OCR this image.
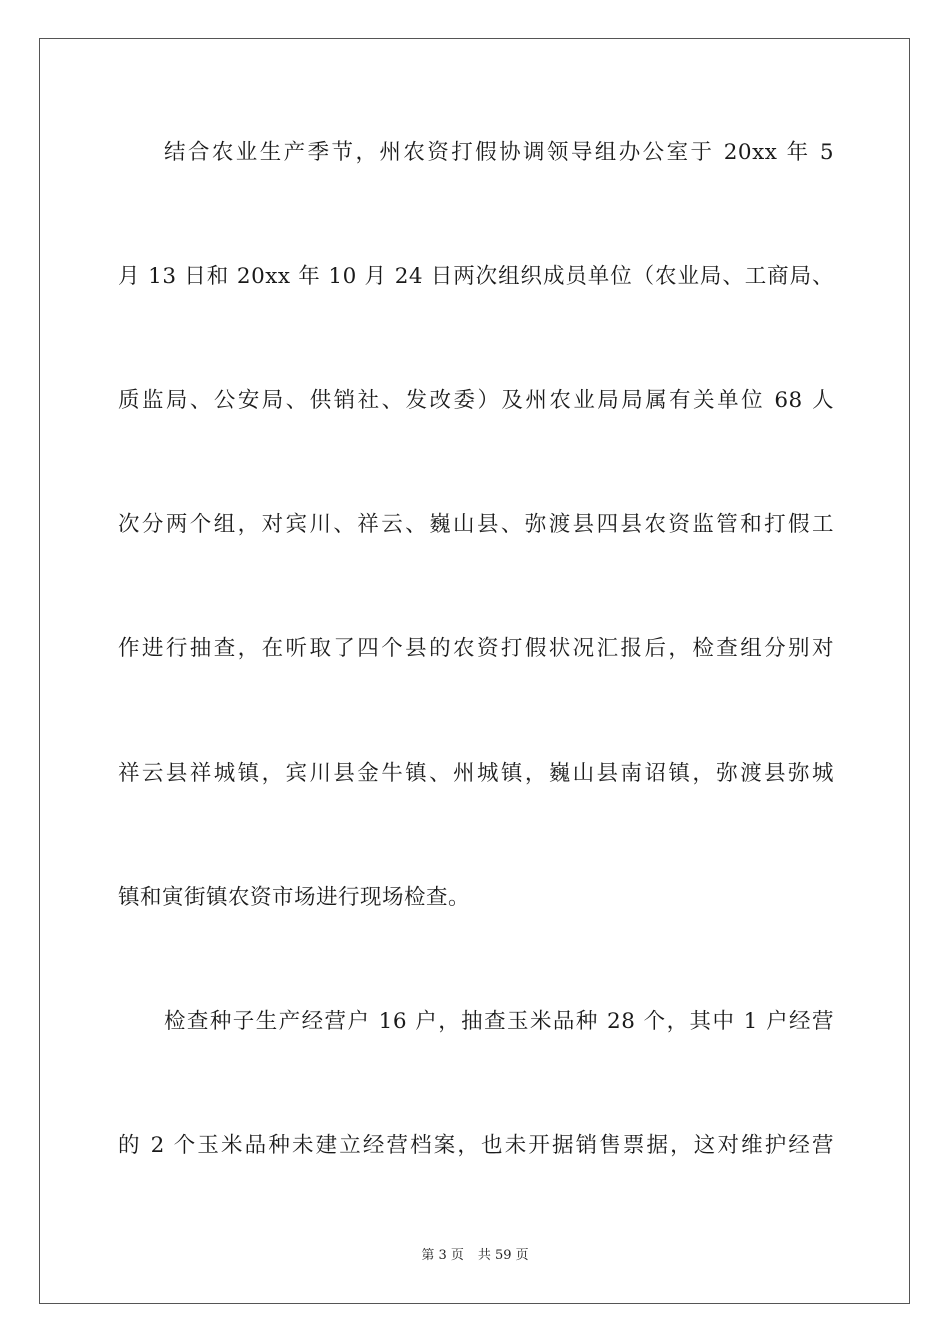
结合农业生产季节，州农资打假协调领导组办公室于 20xx 年 5
月 13 日和 20xx 年 10 月 24 日两次组织成员单位（农业局、工商局、
质监局、公安局、供销社、发改委）及州农业局局属有关单位 68 人
次分两个组，对宾川、祥云、巍山县、弥渡县四县农资监管和打假工
作进行抽查，在听取了四个县的农资打假状况汇报后，检查组分别对
祥云县祥城镇，宾川县金牛镇、州城镇，巍山县南诏镇，弥渡县弥城
镇和寅街镇农资市场进行现场检查。
检查种子生产经营户 16 户，抽查玉米品种 28 个，其中 1 户经营
的 2 个玉米品种未建立经营档案，也未开据销售票据，这对维护经营
第 3 页 共 59 页
